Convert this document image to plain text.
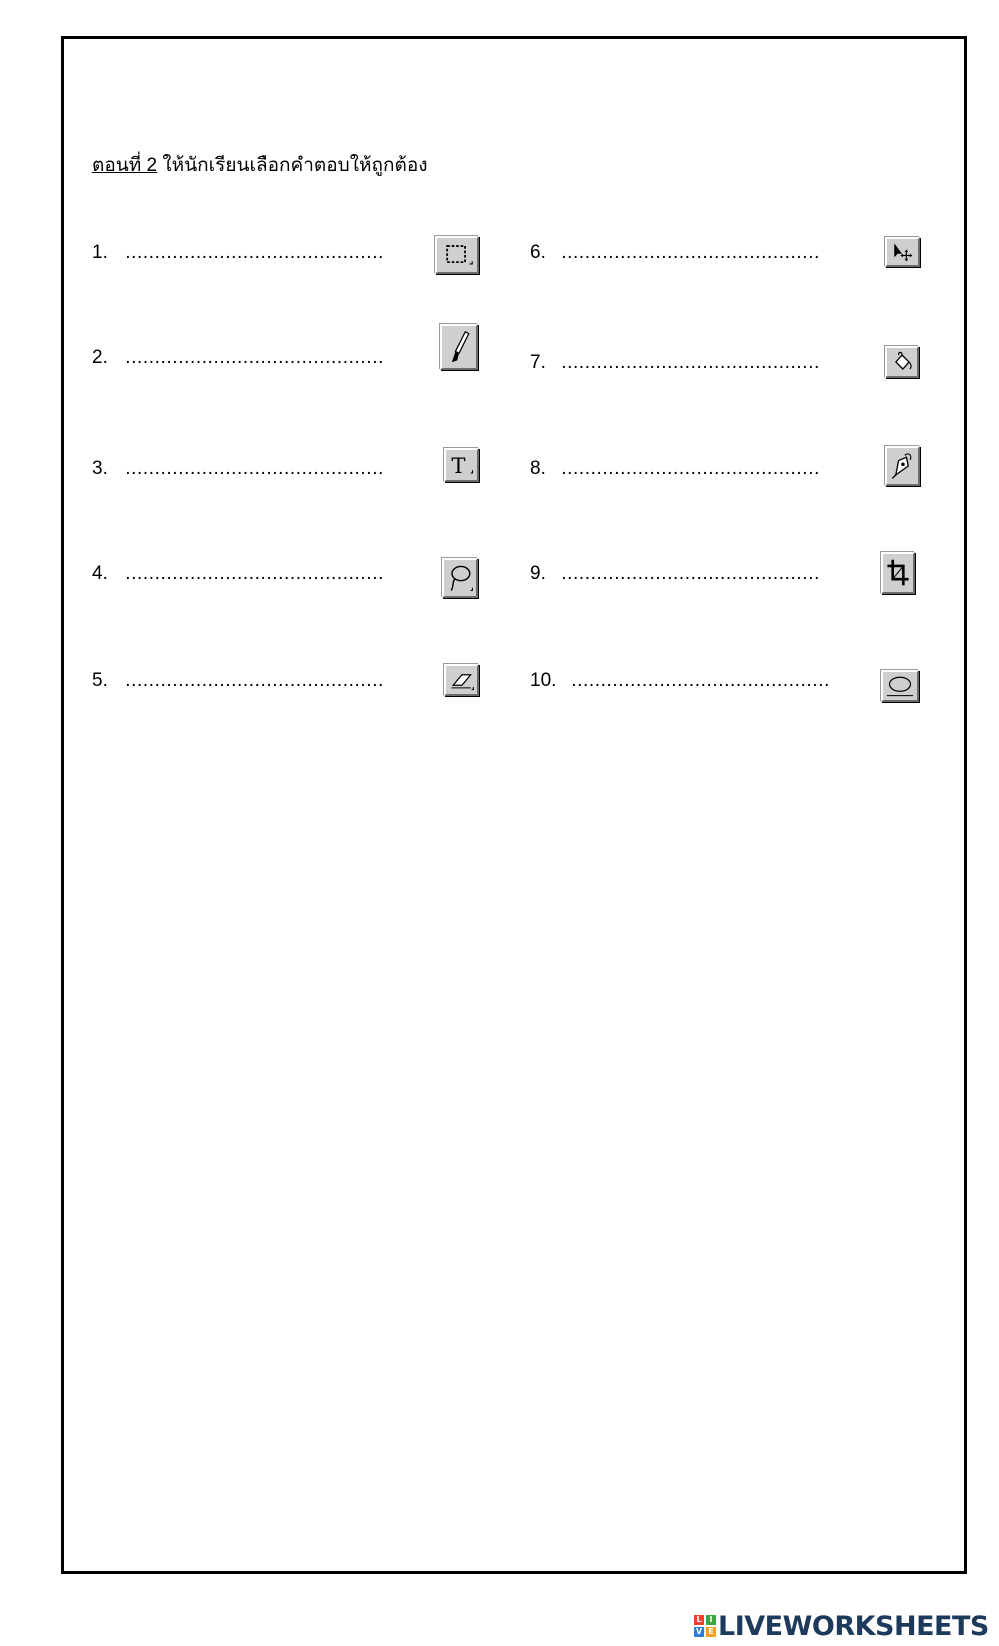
ตอนที่ 2 ให้นักเรียนเลือกคำตอบให้ถูกต้อง
1. ............................................
2. ............................................
3. ............................................
4. ............................................
5. ............................................
6. ............................................
7. ............................................
8. ............................................
9. ............................................
10. ............................................
T
L I
V E LIVEWORKSHEETS
